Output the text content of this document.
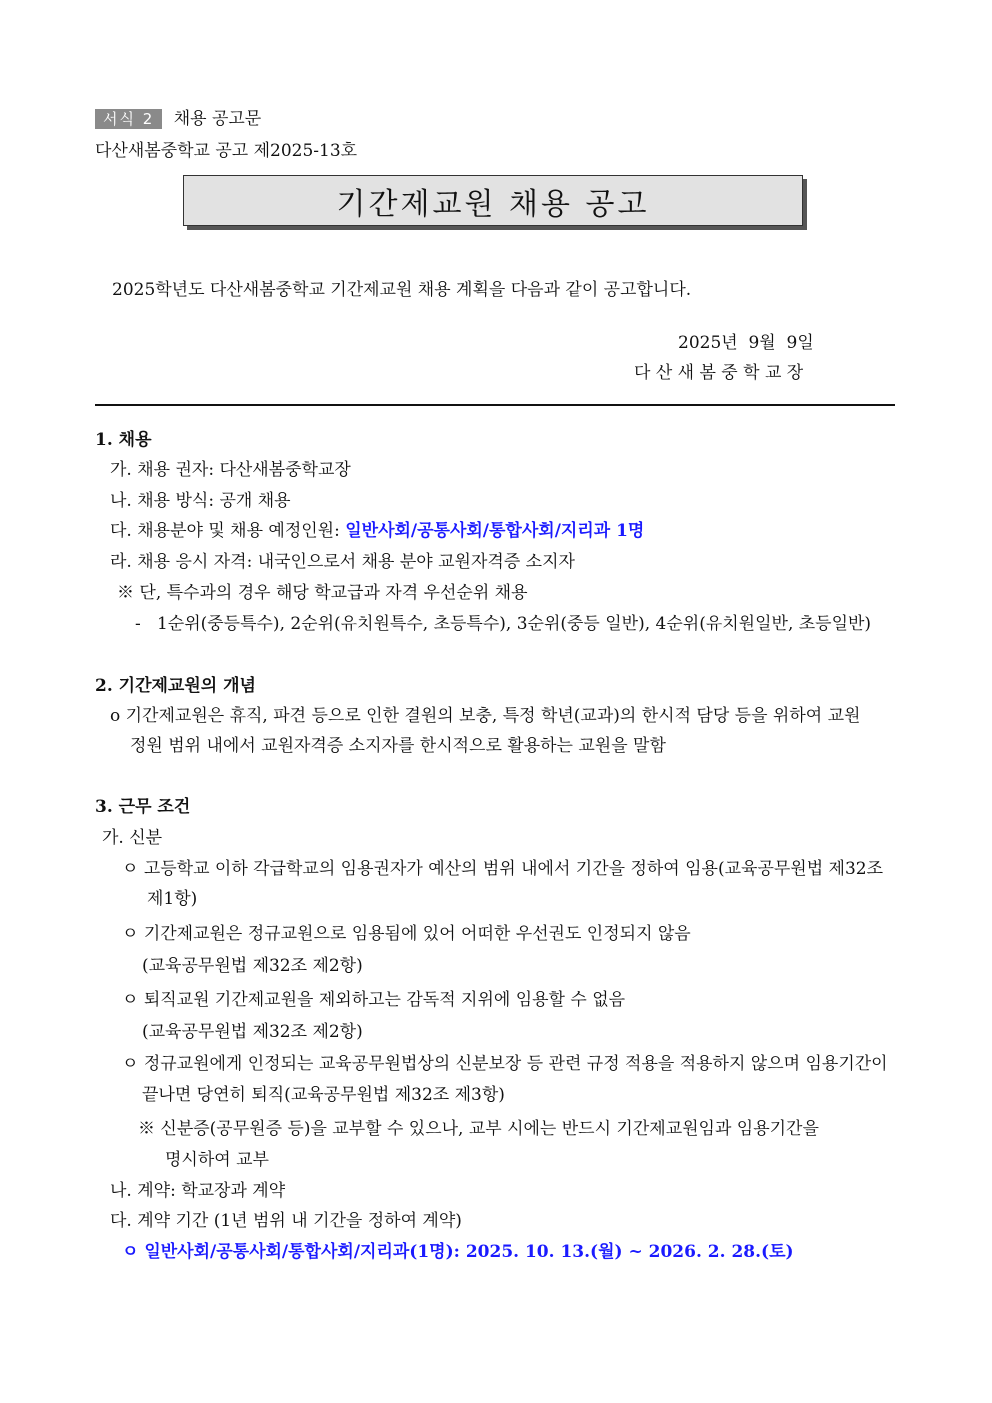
서식 2 채용 공고문
다산새봄중학교 공고 제2025-13호
기간제교원 채용 공고
2025학년도 다산새봄중학교 기간제교원 채용 계획을 다음과 같이 공고합니다.
2025년  9월  9일
다 산 새 봄 중 학 교 장
1. 채용
가. 채용 권자: 다산새봄중학교장
나. 채용 방식: 공개 채용
다. 채용분야 및 채용 예정인원: 일반사회/공통사회/통합사회/지리과 1명
라. 채용 응시 자격: 내국인으로서 채용 분야 교원자격증 소지자
※ 단, 특수과의 경우 해당 학교급과 자격 우선순위 채용
-   1순위(중등특수), 2순위(유치원특수, 초등특수), 3순위(중등 일반), 4순위(유치원일반, 초등일반)
2. 기간제교원의 개념
o 기간제교원은 휴직, 파견 등으로 인한 결원의 보충, 특정 학년(교과)의 한시적 담당 등을 위하여 교원
정원 범위 내에서 교원자격증 소지자를 한시적으로 활용하는 교원을 말함
3. 근무 조건
가. 신분
ㅇ 고등학교 이하 각급학교의 임용권자가 예산의 범위 내에서 기간을 정하여 임용(교육공무원법 제32조
제1항)
ㅇ 기간제교원은 정규교원으로 임용됨에 있어 어떠한 우선권도 인정되지 않음
(교육공무원법 제32조 제2항)
ㅇ 퇴직교원 기간제교원을 제외하고는 감독적 지위에 임용할 수 없음
(교육공무원법 제32조 제2항)
ㅇ 정규교원에게 인정되는 교육공무원법상의 신분보장 등 관련 규정 적용을 적용하지 않으며 임용기간이
끝나면 당연히 퇴직(교육공무원법 제32조 제3항)
※ 신분증(공무원증 등)을 교부할 수 있으나, 교부 시에는 반드시 기간제교원임과 임용기간을
명시하여 교부
나. 계약: 학교장과 계약
다. 계약 기간 (1년 범위 내 기간을 정하여 계약)
ㅇ 일반사회/공통사회/통합사회/지리과(1명): 2025. 10. 13.(월) ~ 2026. 2. 28.(토)
